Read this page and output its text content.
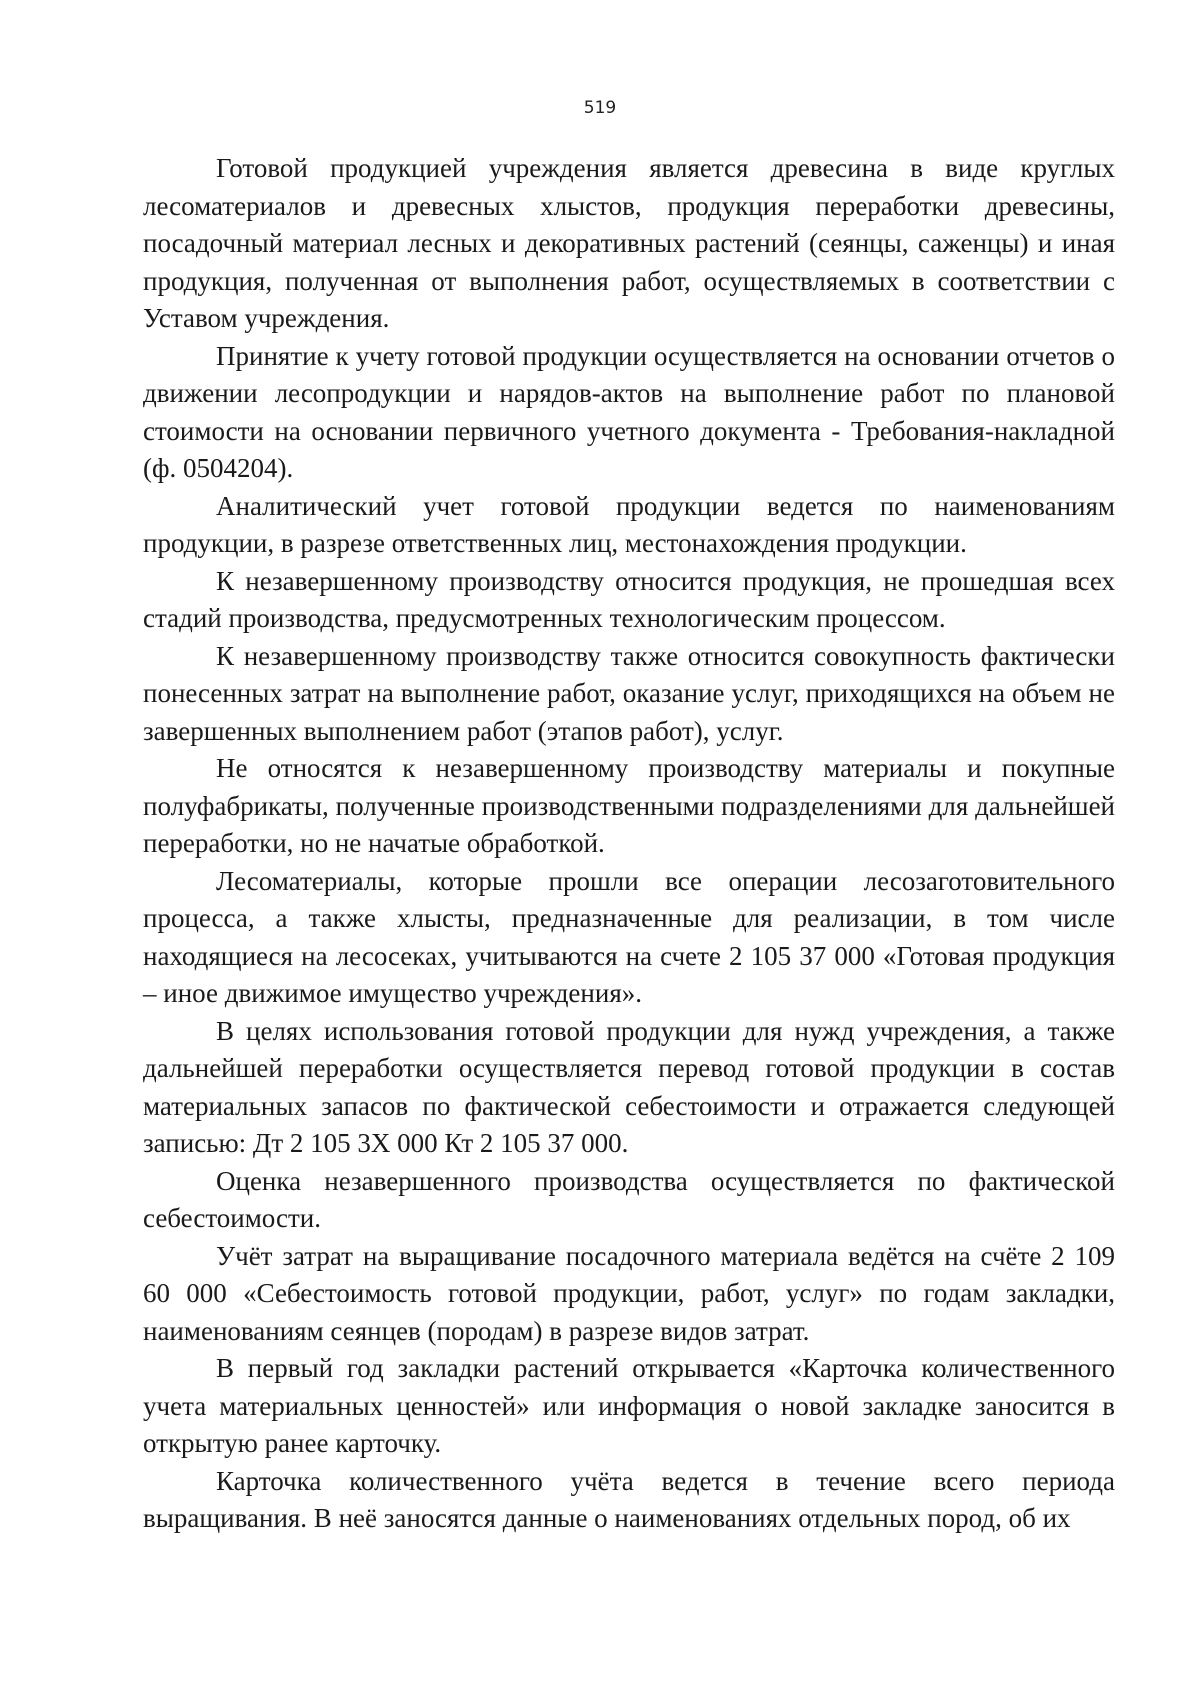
519

Готовой продукцией учреждения является древесина в виде круглых лесоматериалов и древесных хлыстов, продукция переработки древесины, посадочный материал лесных и декоративных растений (сеянцы, саженцы) и иная продукция, полученная от выполнения работ, осуществляемых в соответствии с Уставом учреждения.

Принятие к учету готовой продукции осуществляется на основании отчетов о движении лесопродукции и нарядов-актов на выполнение работ по плановой стоимости на основании первичного учетного документа - Требования-накладной (ф. 0504204).

Аналитический учет готовой продукции ведется по наименованиям продукции, в разрезе ответственных лиц, местонахождения продукции.

К незавершенному производству относится продукция, не прошедшая всех стадий производства, предусмотренных технологическим процессом.

К незавершенному производству также относится совокупность фактически понесенных затрат на выполнение работ, оказание услуг, приходящихся на объем не завершенных выполнением работ (этапов работ), услуг.

Не относятся к незавершенному производству материалы и покупные полуфабрикаты, полученные производственными подразделениями для дальнейшей переработки, но не начатые обработкой.

Лесоматериалы, которые прошли все операции лесозаготовительного процесса, а также хлысты, предназначенные для реализации, в том числе находящиеся на лесосеках, учитываются на счете 2 105 37 000 «Готовая продукция – иное движимое имущество учреждения».

В целях использования готовой продукции для нужд учреждения, а также дальнейшей переработки осуществляется перевод готовой продукции в состав материальных запасов по фактической себестоимости и отражается следующей записью: Дт 2 105 3Х 000 Кт 2 105 37 000.

Оценка незавершенного производства осуществляется по фактической себестоимости.

Учёт затрат на выращивание посадочного материала ведётся на счёте 2 109 60 000 «Себестоимость готовой продукции, работ, услуг» по годам закладки, наименованиям сеянцев (породам) в разрезе видов затрат.

В первый год закладки растений открывается «Карточка количественного учета материальных ценностей» или информация о новой закладке заносится в открытую ранее карточку.

Карточка количественного учёта ведется в течение всего периода выращивания. В неё заносятся данные о наименованиях отдельных пород, об их
